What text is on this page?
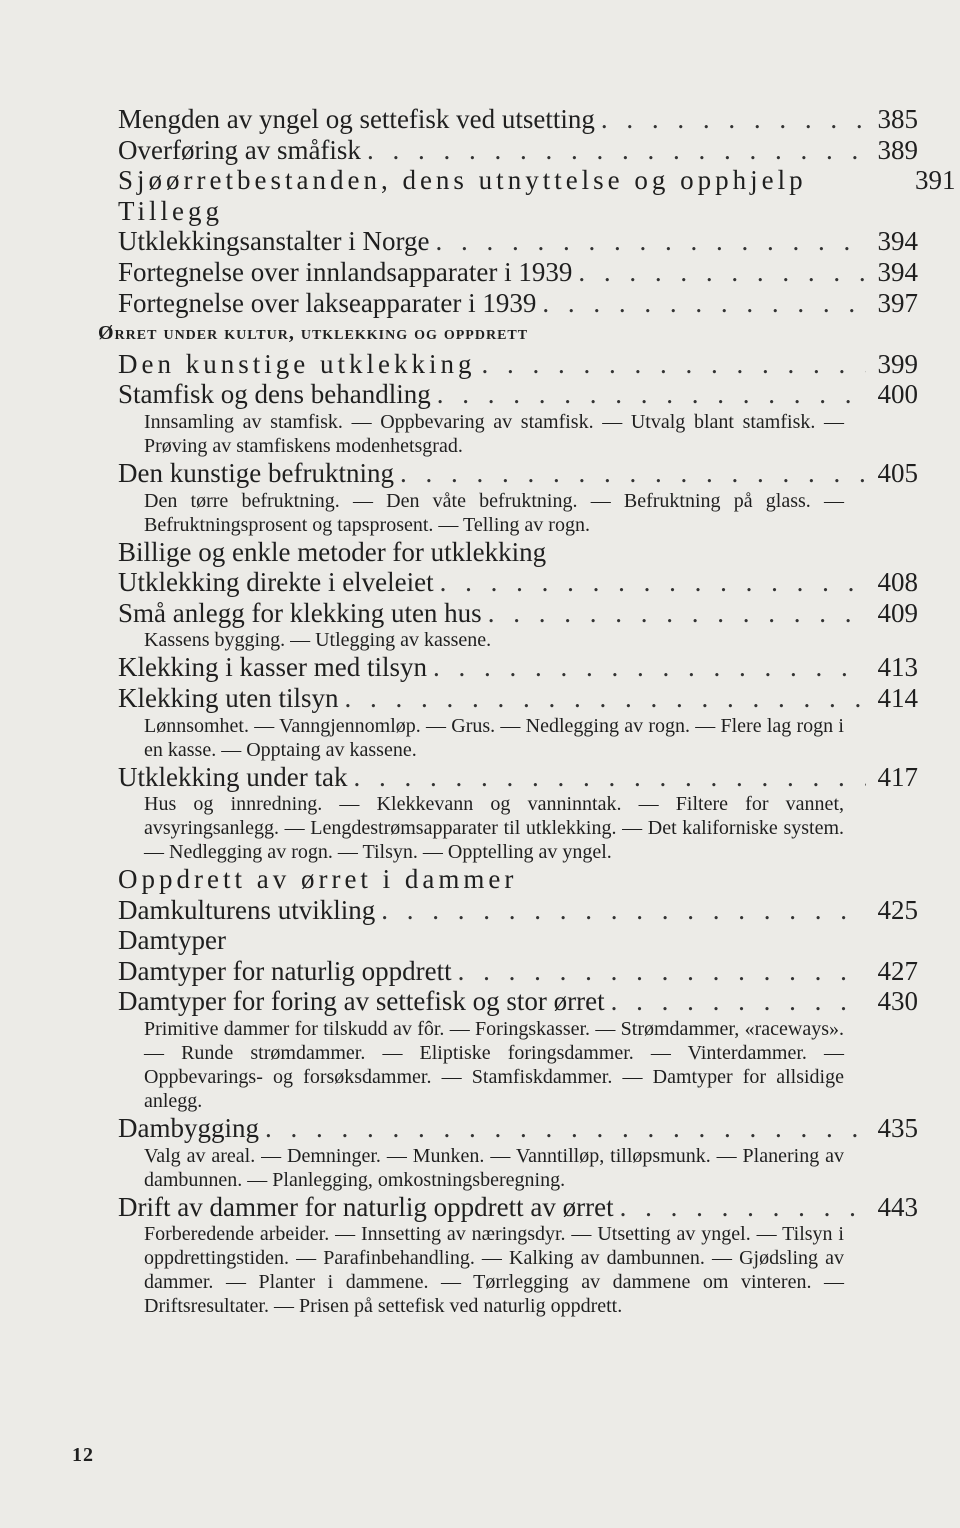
Mengden av yngel og settefisk ved utsetting . . .	385
Overføring av småfisk . . .	389
Sjøørretbestanden, dens utnyttelse og opphjelp	391
Tillegg
Utklekkingsanstalter i Norge . . .	394
Fortegnelse over innlandsapparater i 1939 . . .	394
Fortegnelse over lakseapparater i 1939 . . .	397
Ørret under kultur, utklekking og oppdrett
Den kunstige utklekking . . .	399
Stamfisk og dens behandling . . .	400
Innsamling av stamfisk. — Oppbevaring av stamfisk. — Utvalg blant stamfisk. — Prøving av stamfiskens modenhetsgrad.
Den kunstige befruktning . . .	405
Den tørre befruktning. — Den våte befruktning. — Befruktning på glass. — Befruktningsprosent og tapsprosent. — Telling av rogn.
Billige og enkle metoder for utklekking
Utklekking direkte i elveleiet . . .	408
Små anlegg for klekking uten hus . . .	409
Kassens bygging. — Utlegging av kassene.
Klekking i kasser med tilsyn . . .	413
Klekking uten tilsyn . . .	414
Lønnsomhet. — Vanngjennomløp. — Grus. — Nedlegging av rogn. — Flere lag rogn i en kasse. — Opptaing av kassene.
Utklekking under tak . . .	417
Hus og innredning. — Klekkevann og vanninntak. — Filtere for vannet, avsyringsanlegg. — Lengdestrømsapparater til utklekking. — Det kaliforniske system. — Nedlegging av rogn. — Tilsyn. — Opptelling av yngel.
Oppdrett av ørret i dammer
Damkulturens utvikling . . .	425
Damtyper
Damtyper for naturlig oppdrett . . .	427
Damtyper for foring av settefisk og stor ørret . . .	430
Primitive dammer for tilskudd av fôr. — Foringskasser. — Strømdammer, «raceways». — Runde strømdammer. — Eliptiske foringsdammer. — Vinterdammer. — Oppbevarings- og forsøksdammer. — Stamfiskdammer. — Damtyper for allsidige anlegg.
Dambygging . . .	435
Valg av areal. — Demninger. — Munken. — Vanntilløp, tilløpsmunk. — Planering av dambunnen. — Planlegging, omkostningsberegning.
Drift av dammer for naturlig oppdrett av ørret . . .	443
Forberedende arbeider. — Innsetting av næringsdyr. — Utsetting av yngel. — Tilsyn i oppdrettingstiden. — Parafinbehandling. — Kalking av dambunnen. — Gjødsling av dammer. — Planter i dammene. — Tørrlegging av dammene om vinteren. — Driftsresultater. — Prisen på settefisk ved naturlig oppdrett.
12
